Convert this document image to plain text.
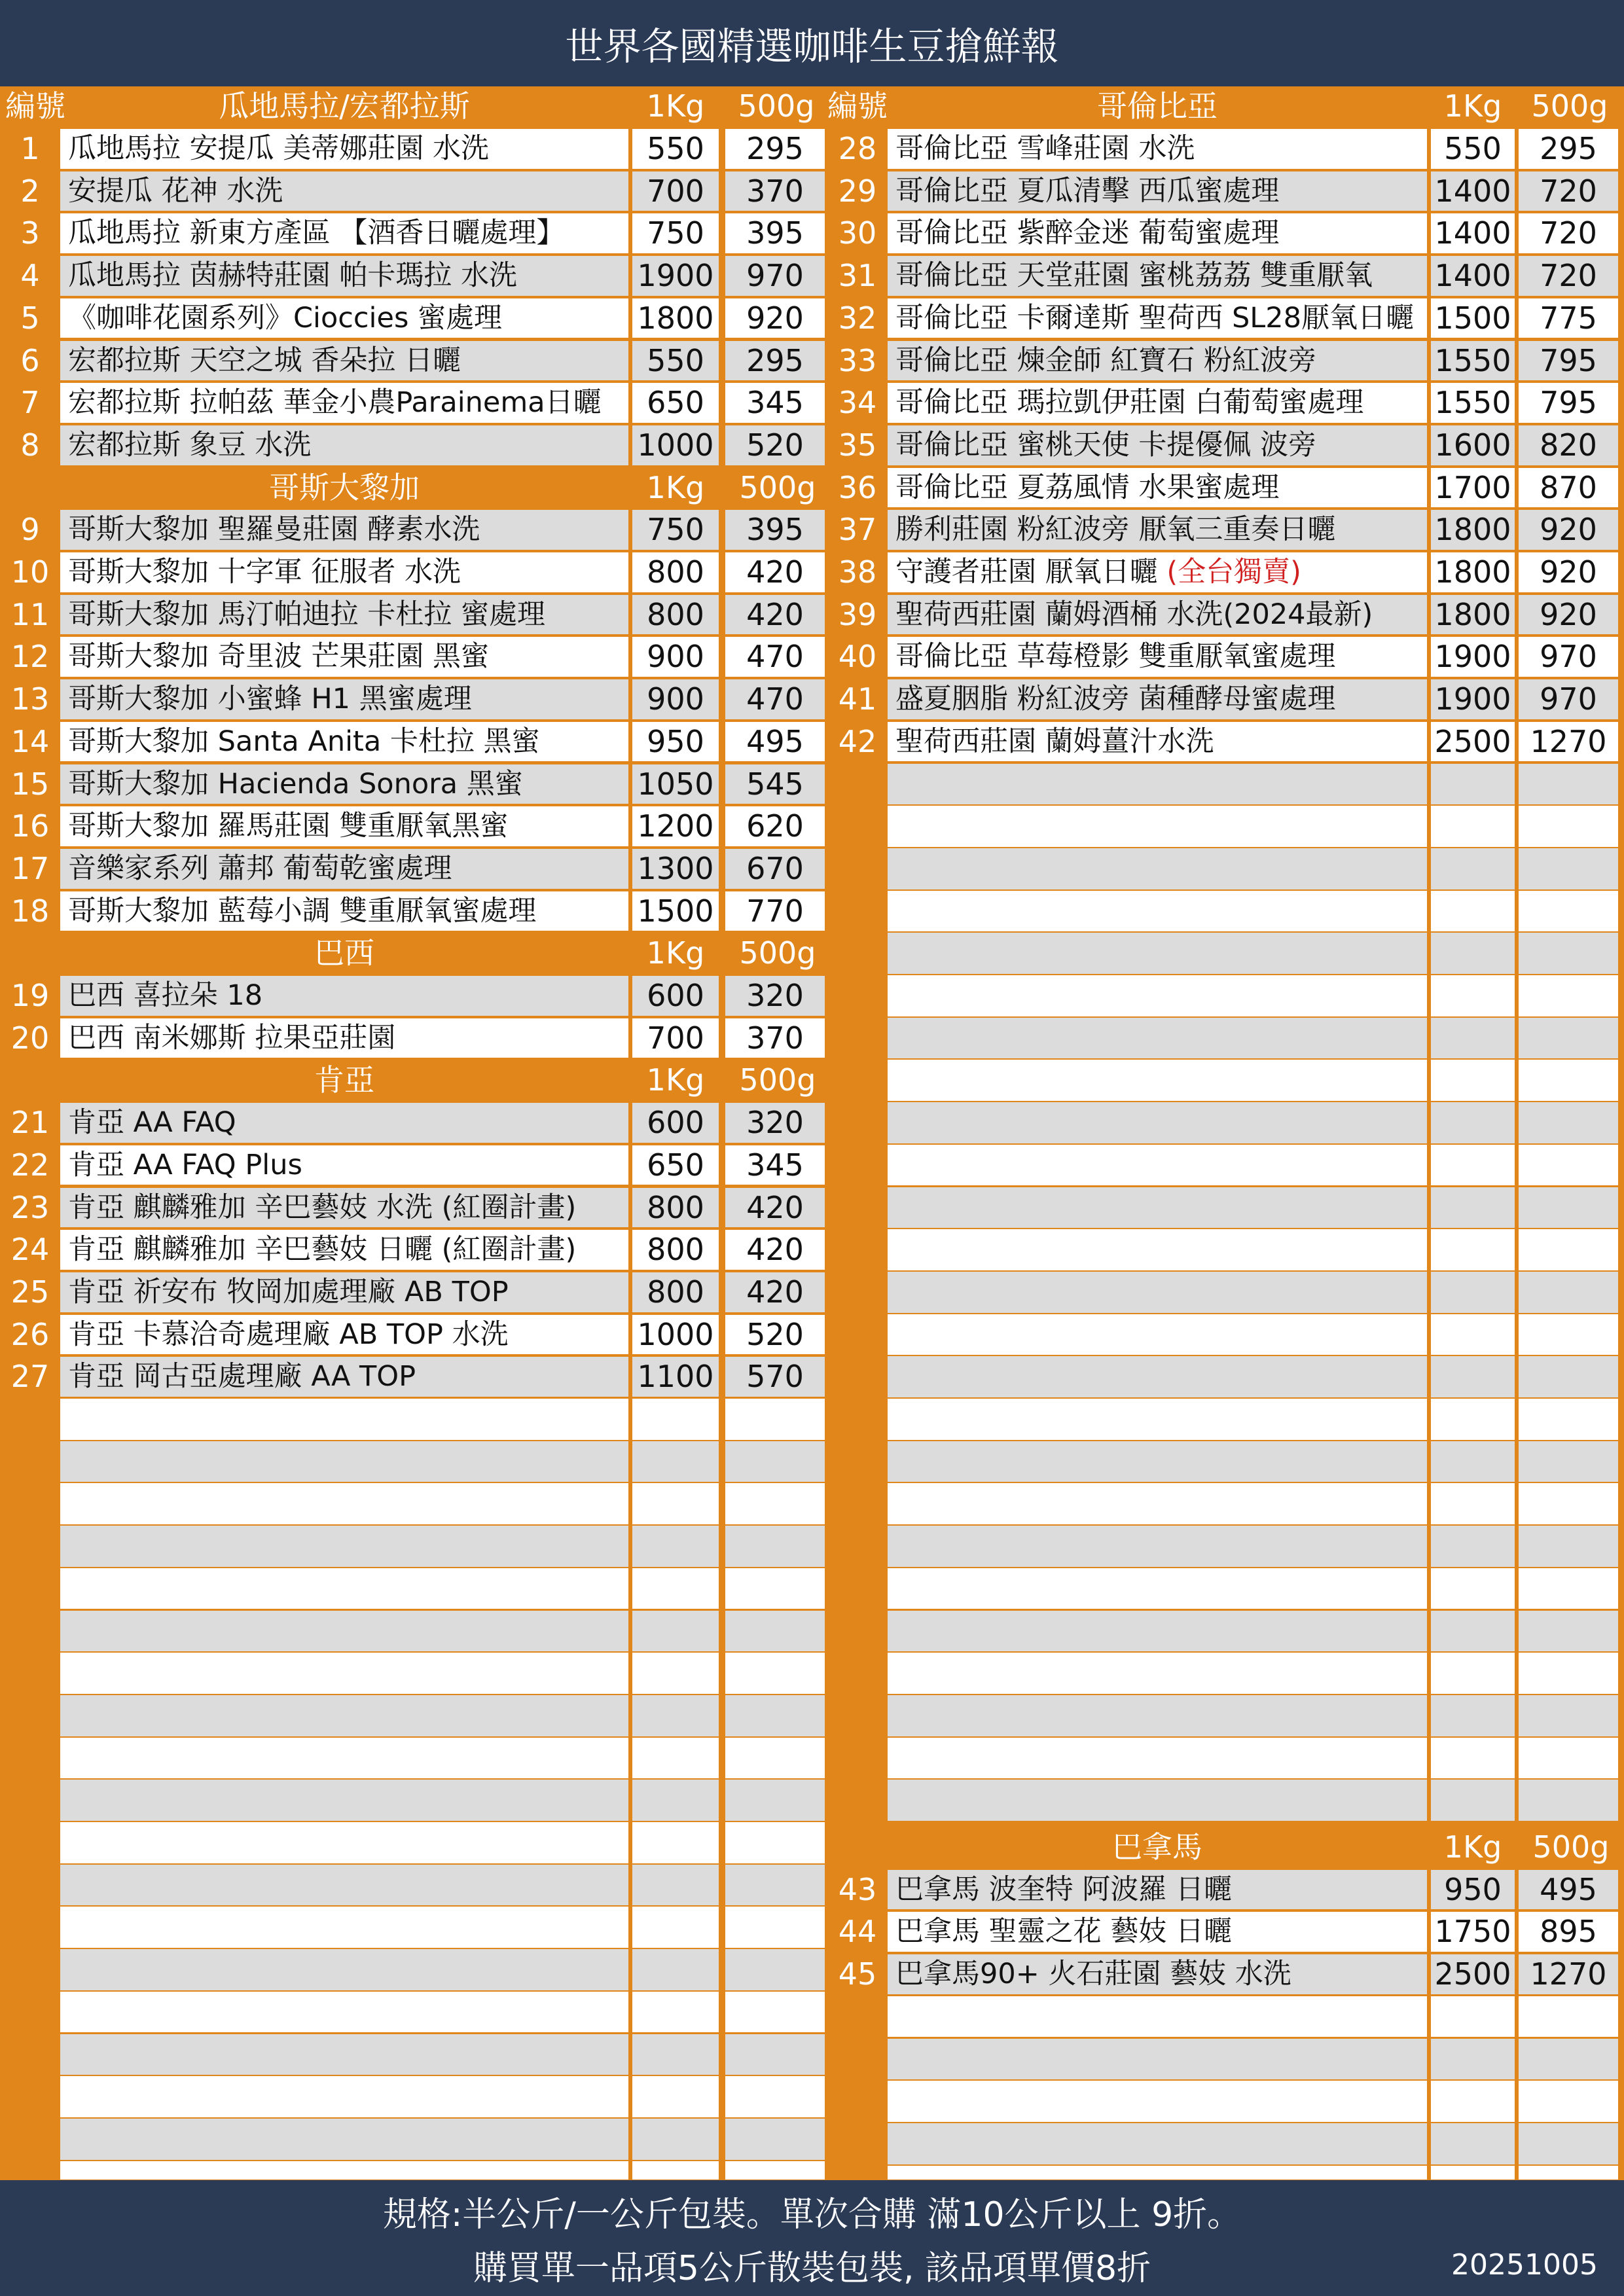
世界各國精選咖啡生豆搶鮮報
編號	瓜地馬拉/宏都拉斯	1Kg	500g 編號	哥倫比亞	1Kg 500g
1	瓜地馬拉 安提瓜 美蒂娜莊園 水洗	550	295
2	安提瓜 花神 水洗	700	370
3	瓜地馬拉 新東方產區 【酒香日曬處理】	750	395
4	瓜地馬拉 茵赫特莊園 帕卡瑪拉 水洗	1900	970
5	《咖啡花園系列》Cioccies 蜜處理	1800	920
6	宏都拉斯 天空之城 香朵拉 日曬	550	295
7	宏都拉斯 拉帕茲 華金小農Parainema日曬	650	345
8	宏都拉斯 象豆 水洗	1000	520
哥斯大黎加	1Kg	500g
9	哥斯大黎加 聖羅曼莊園 酵素水洗	750	395
10 哥斯大黎加 十字軍 征服者 水洗	800	420
11 哥斯大黎加 馬汀帕迪拉 卡杜拉 蜜處理	800	420
12 哥斯大黎加 奇里波 芒果莊園 黑蜜	900	470
13 哥斯大黎加 小蜜蜂 H1 黑蜜處理	900	470
14 哥斯大黎加 Santa Anita 卡杜拉 黑蜜	950	495
15 哥斯大黎加 Hacienda Sonora 黑蜜	1050	545
16 哥斯大黎加 羅馬莊園 雙重厭氧黑蜜	1200	620
17 音樂家系列 蕭邦 葡萄乾蜜處理	1300	670
18 哥斯大黎加 藍莓小調 雙重厭氧蜜處理	1500	770
巴西	1Kg	500g
19 巴西 喜拉朵 18	600	320
20 巴西 南米娜斯 拉果亞莊園	700	370
肯亞	1Kg	500g
21 肯亞 AA FAQ	600	320
22 肯亞 AA FAQ Plus	650	345
23 肯亞 麒麟雅加 辛巴藝妓 水洗 (紅圈計畫)	800	420
24 肯亞 麒麟雅加 辛巴藝妓 日曬 (紅圈計畫)	800	420
25 肯亞 祈安布 牧岡加處理廠 AB TOP	800	420
26 肯亞 卡慕洽奇處理廠 AB TOP 水洗	1000	520
27 肯亞 岡古亞處理廠 AA TOP	1100	570
28 哥倫比亞 雪峰莊園 水洗	550	295
29 哥倫比亞 夏瓜清擊 西瓜蜜處理	1400 720
30 哥倫比亞 紫醉金迷 葡萄蜜處理	1400 720
31 哥倫比亞 天堂莊園 蜜桃荔荔 雙重厭氧	1400 720
32 哥倫比亞 卡爾達斯 聖荷西 SL28厭氧日曬 1500 775
33 哥倫比亞 煉金師 紅寶石 粉紅波旁	1550 795
34 哥倫比亞 瑪拉凱伊莊園 白葡萄蜜處理	1550 795
35 哥倫比亞 蜜桃天使 卡提優佩 波旁	1600 820
36 哥倫比亞 夏荔風情 水果蜜處理	1700 870
37 勝利莊園 粉紅波旁 厭氧三重奏日曬	1800 920
38 守護者莊園 厭氧日曬 (全台獨賣)	1800 920
39 聖荷西莊園 蘭姆酒桶 水洗(2024最新)	1800 920
40 哥倫比亞 草莓橙影 雙重厭氧蜜處理	1900 970
41 盛夏胭脂 粉紅波旁 菌種酵母蜜處理	1900 970
42 聖荷西莊園 蘭姆薑汁水洗	2500 1270
巴拿馬	1Kg	500g
43 巴拿馬 波奎特 阿波羅 日曬	950	495
44 巴拿馬 聖靈之花 藝妓 日曬	1750 895
45 巴拿馬90+ 火石莊園 藝妓 水洗	2500 1270
規格:半公斤/一公斤包裝。單次合購 滿10公斤以上 9折。
購買單一品項5公斤散裝包裝, 該品項單價8折	20251005
